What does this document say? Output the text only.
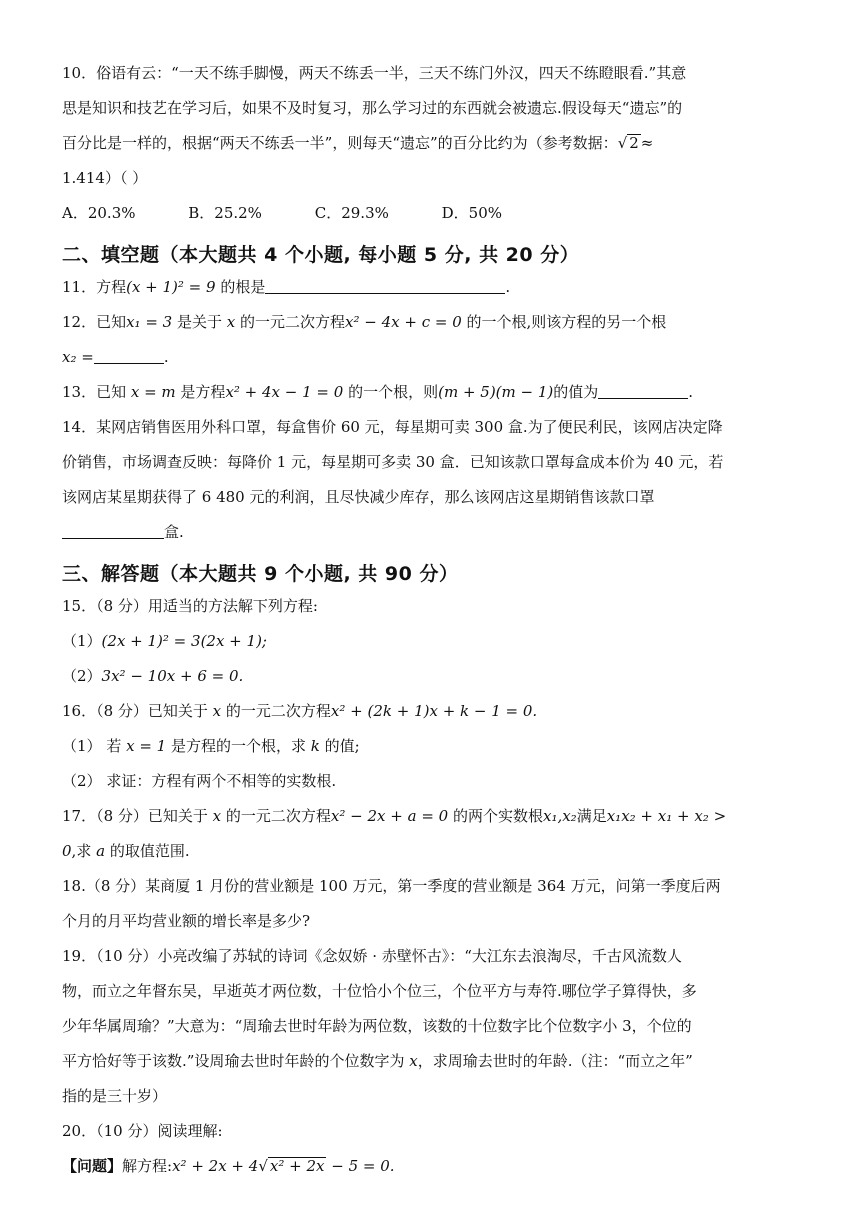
10．俗语有云：“一天不练手脚慢，两天不练丢一半，三天不练门外汉，四天不练瞪眼看.”其意
思是知识和技艺在学习后，如果不及时复习，那么学习过的东西就会被遗忘.假设每天“遗忘”的
百分比是一样的，根据“两天不练丢一半”，则每天“遗忘”的百分比约为（参考数据：√ 2 ≈
1.414）（ ）
A．20.3%	B．25.2%	C．29.3%	D．50%
二、填空题（本大题共 4 个小题, 每小题 5 分, 共 20 分）
11．方程(x + 1)² = 9 的根是	.
12．已知x₁ = 3 是关于 x 的一元二次方程x² − 4x + c = 0 的一个根,则该方程的另一个根
x₂ =	.
13．已知 x = m 是方程x² + 4x − 1 = 0 的一个根，则(m + 5)(m − 1)的值为	.
14．某网店销售医用外科口罩，每盒售价 60 元，每星期可卖 300 盒.为了便民利民，该网店决定降
价销售，市场调查反映：每降价 1 元，每星期可多卖 30 盒．已知该款口罩每盒成本价为 40 元，若
该网店某星期获得了 6 480 元的利润，且尽快减少库存，那么该网店这星期销售该款口罩
盒.
三、解答题（本大题共 9 个小题, 共 90 分）
15．（8 分）用适当的方法解下列方程:
（1）(2x + 1)² = 3(2x + 1);
（2）3x² − 10x + 6 = 0.
16．（8 分）已知关于 x 的一元二次方程x² + (2k + 1)x + k − 1 = 0.
（1） 若 x = 1 是方程的一个根，求 k 的值;
（2） 求证：方程有两个不相等的实数根.
17．（8 分）已知关于 x 的一元二次方程x² − 2x + a = 0 的两个实数根x₁,x₂满足x₁x₂ + x₁ + x₂ >
0,求 a 的取值范围.
18.（8 分）某商厦 1 月份的营业额是 100 万元，第一季度的营业额是 364 万元，问第一季度后两
个月的月平均营业额的增长率是多少?
19．（10 分）小亮改编了苏轼的诗词《念奴娇 · 赤壁怀古》：“大江东去浪淘尽，千古风流数人
物，而立之年督东吴，早逝英才两位数，十位恰小个位三，个位平方与寿符.哪位学子算得快，多
少年华属周瑜？”大意为：“周瑜去世时年龄为两位数，该数的十位数字比个位数字小 3，个位的
平方恰好等于该数.”设周瑜去世时年龄的个位数字为 x，求周瑜去世时的年龄.（注：“而立之年”
指的是三十岁）
20．（10 分）阅读理解:
【问题】解方程:x² + 2x + 4√ x² + 2x − 5 = 0.
